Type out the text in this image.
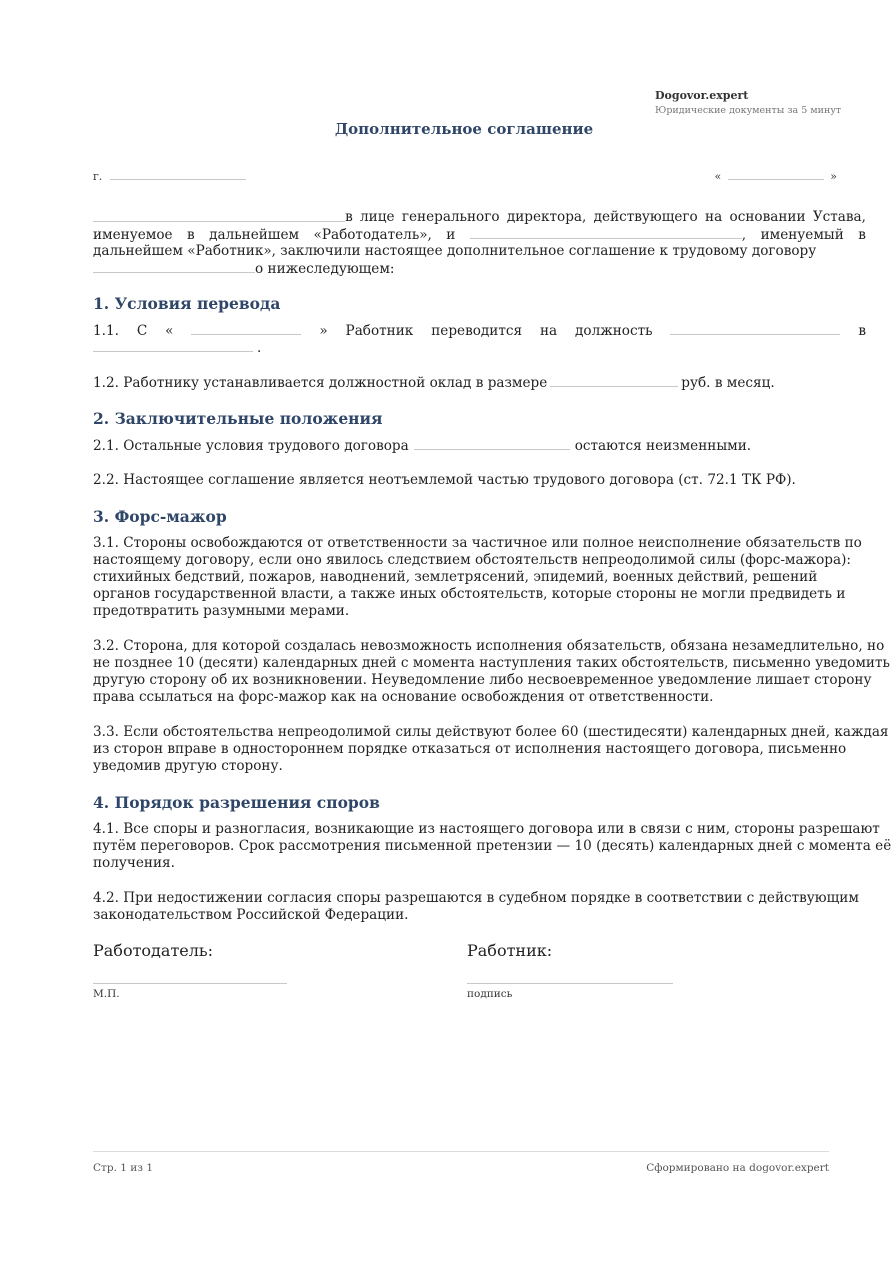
Dogovor.expert
Юридические документы за 5 минут
Дополнительное соглашение
г.	«	»
в лице генерального директора, действующего на основании Устава,
именуемое в дальнейшем «Работодатель», и	, именуемый в
дальнейшем «Работник», заключили настоящее дополнительное соглашение к трудовому договору
о нижеследующем:
1. Условия перевода
1.1. С «	» Работник переводится на должность	в
.
1.2. Работнику устанавливается должностной оклад в размере	руб. в месяц.
2. Заключительные положения
2.1. Остальные условия трудового договора	остаются неизменными.
2.2. Настоящее соглашение является неотъемлемой частью трудового договора (ст. 72.1 ТК РФ).
3. Форс-мажор
3.1. Стороны освобождаются от ответственности за частичное или полное неисполнение обязательств по
настоящему договору, если оно явилось следствием обстоятельств непреодолимой силы (форс-мажора):
стихийных бедствий, пожаров, наводнений, землетрясений, эпидемий, военных действий, решений
органов государственной власти, а также иных обстоятельств, которые стороны не могли предвидеть и
предотвратить разумными мерами.
3.2. Сторона, для которой создалась невозможность исполнения обязательств, обязана незамедлительно, но
не позднее 10 (десяти) календарных дней с момента наступления таких обстоятельств, письменно уведомить
другую сторону об их возникновении. Неуведомление либо несвоевременное уведомление лишает сторону
права ссылаться на форс-мажор как на основание освобождения от ответственности.
3.3. Если обстоятельства непреодолимой силы действуют более 60 (шестидесяти) календарных дней, каждая
из сторон вправе в одностороннем порядке отказаться от исполнения настоящего договора, письменно
уведомив другую сторону.
4. Порядок разрешения споров
4.1. Все споры и разногласия, возникающие из настоящего договора или в связи с ним, стороны разрешают
путём переговоров. Срок рассмотрения письменной претензии — 10 (десять) календарных дней с момента её
получения.
4.2. При недостижении согласия споры разрешаются в судебном порядке в соответствии с действующим
законодательством Российской Федерации.
Работодатель:
М.П.
Работник:
подпись
Стр. 1 из 1	Сформировано на dogovor.expert
